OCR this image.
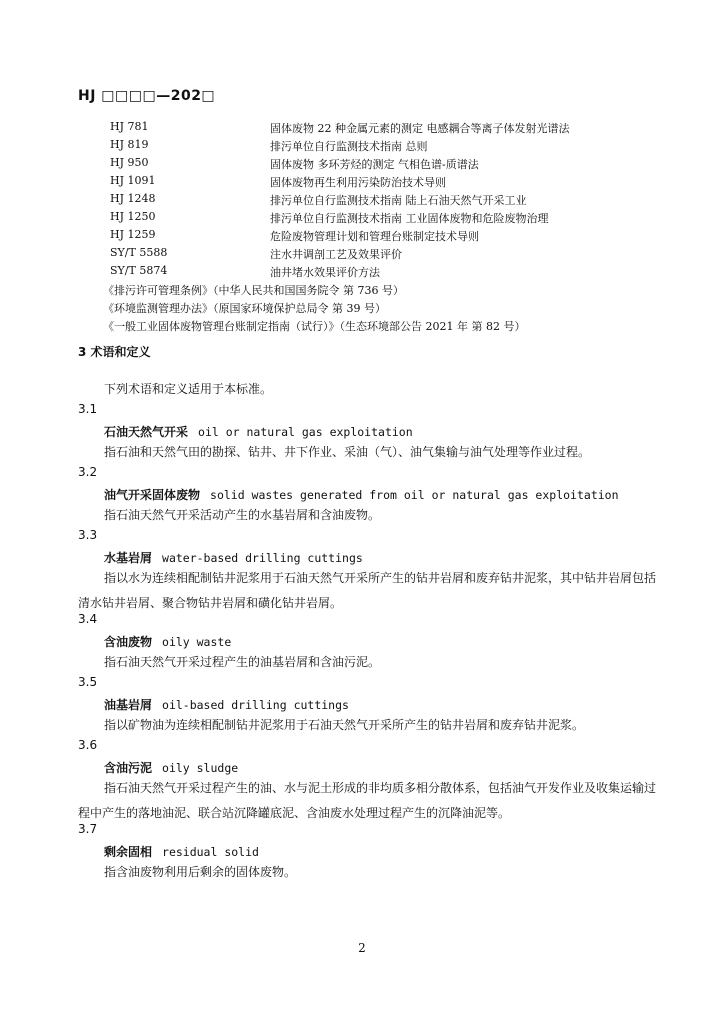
HJ □□□□—202□
HJ 781	固体废物 22 种金属元素的测定 电感耦合等离子体发射光谱法
HJ 819	排污单位自行监测技术指南 总则
HJ 950	固体废物 多环芳烃的测定 气相色谱-质谱法
HJ 1091	固体废物再生利用污染防治技术导则
HJ 1248	排污单位自行监测技术指南 陆上石油天然气开采工业
HJ 1250	排污单位自行监测技术指南 工业固体废物和危险废物治理
HJ 1259	危险废物管理计划和管理台账制定技术导则
SY/T 5588	注水井调剖工艺及效果评价
SY/T 5874	油井堵水效果评价方法
《排污许可管理条例》（中华人民共和国国务院令 第 736 号）
《环境监测管理办法》（原国家环境保护总局令 第 39 号）
《一般工业固体废物管理台账制定指南（试行）》（生态环境部公告 2021 年 第 82 号）
3 术语和定义
下列术语和定义适用于本标准。
3.1
石油天然气开采 oil or natural gas exploitation
指石油和天然气田的勘探、钻井、井下作业、采油（气）、油气集输与油气处理等作业过程。
3.2
油气开采固体废物 solid wastes generated from oil or natural gas exploitation
指石油天然气开采活动产生的水基岩屑和含油废物。
3.3
水基岩屑 water-based drilling cuttings
指以水为连续相配制钻井泥浆用于石油天然气开采所产生的钻井岩屑和废弃钻井泥浆，其中钻井岩屑包括清水钻井岩屑、聚合物钻井岩屑和磺化钻井岩屑。
3.4
含油废物 oily waste
指石油天然气开采过程产生的油基岩屑和含油污泥。
3.5
油基岩屑 oil-based drilling cuttings
指以矿物油为连续相配制钻井泥浆用于石油天然气开采所产生的钻井岩屑和废弃钻井泥浆。
3.6
含油污泥 oily sludge
指石油天然气开采过程产生的油、水与泥土形成的非均质多相分散体系，包括油气开发作业及收集运输过程中产生的落地油泥、联合站沉降罐底泥、含油废水处理过程产生的沉降油泥等。
3.7
剩余固相 residual solid
指含油废物利用后剩余的固体废物。
2
